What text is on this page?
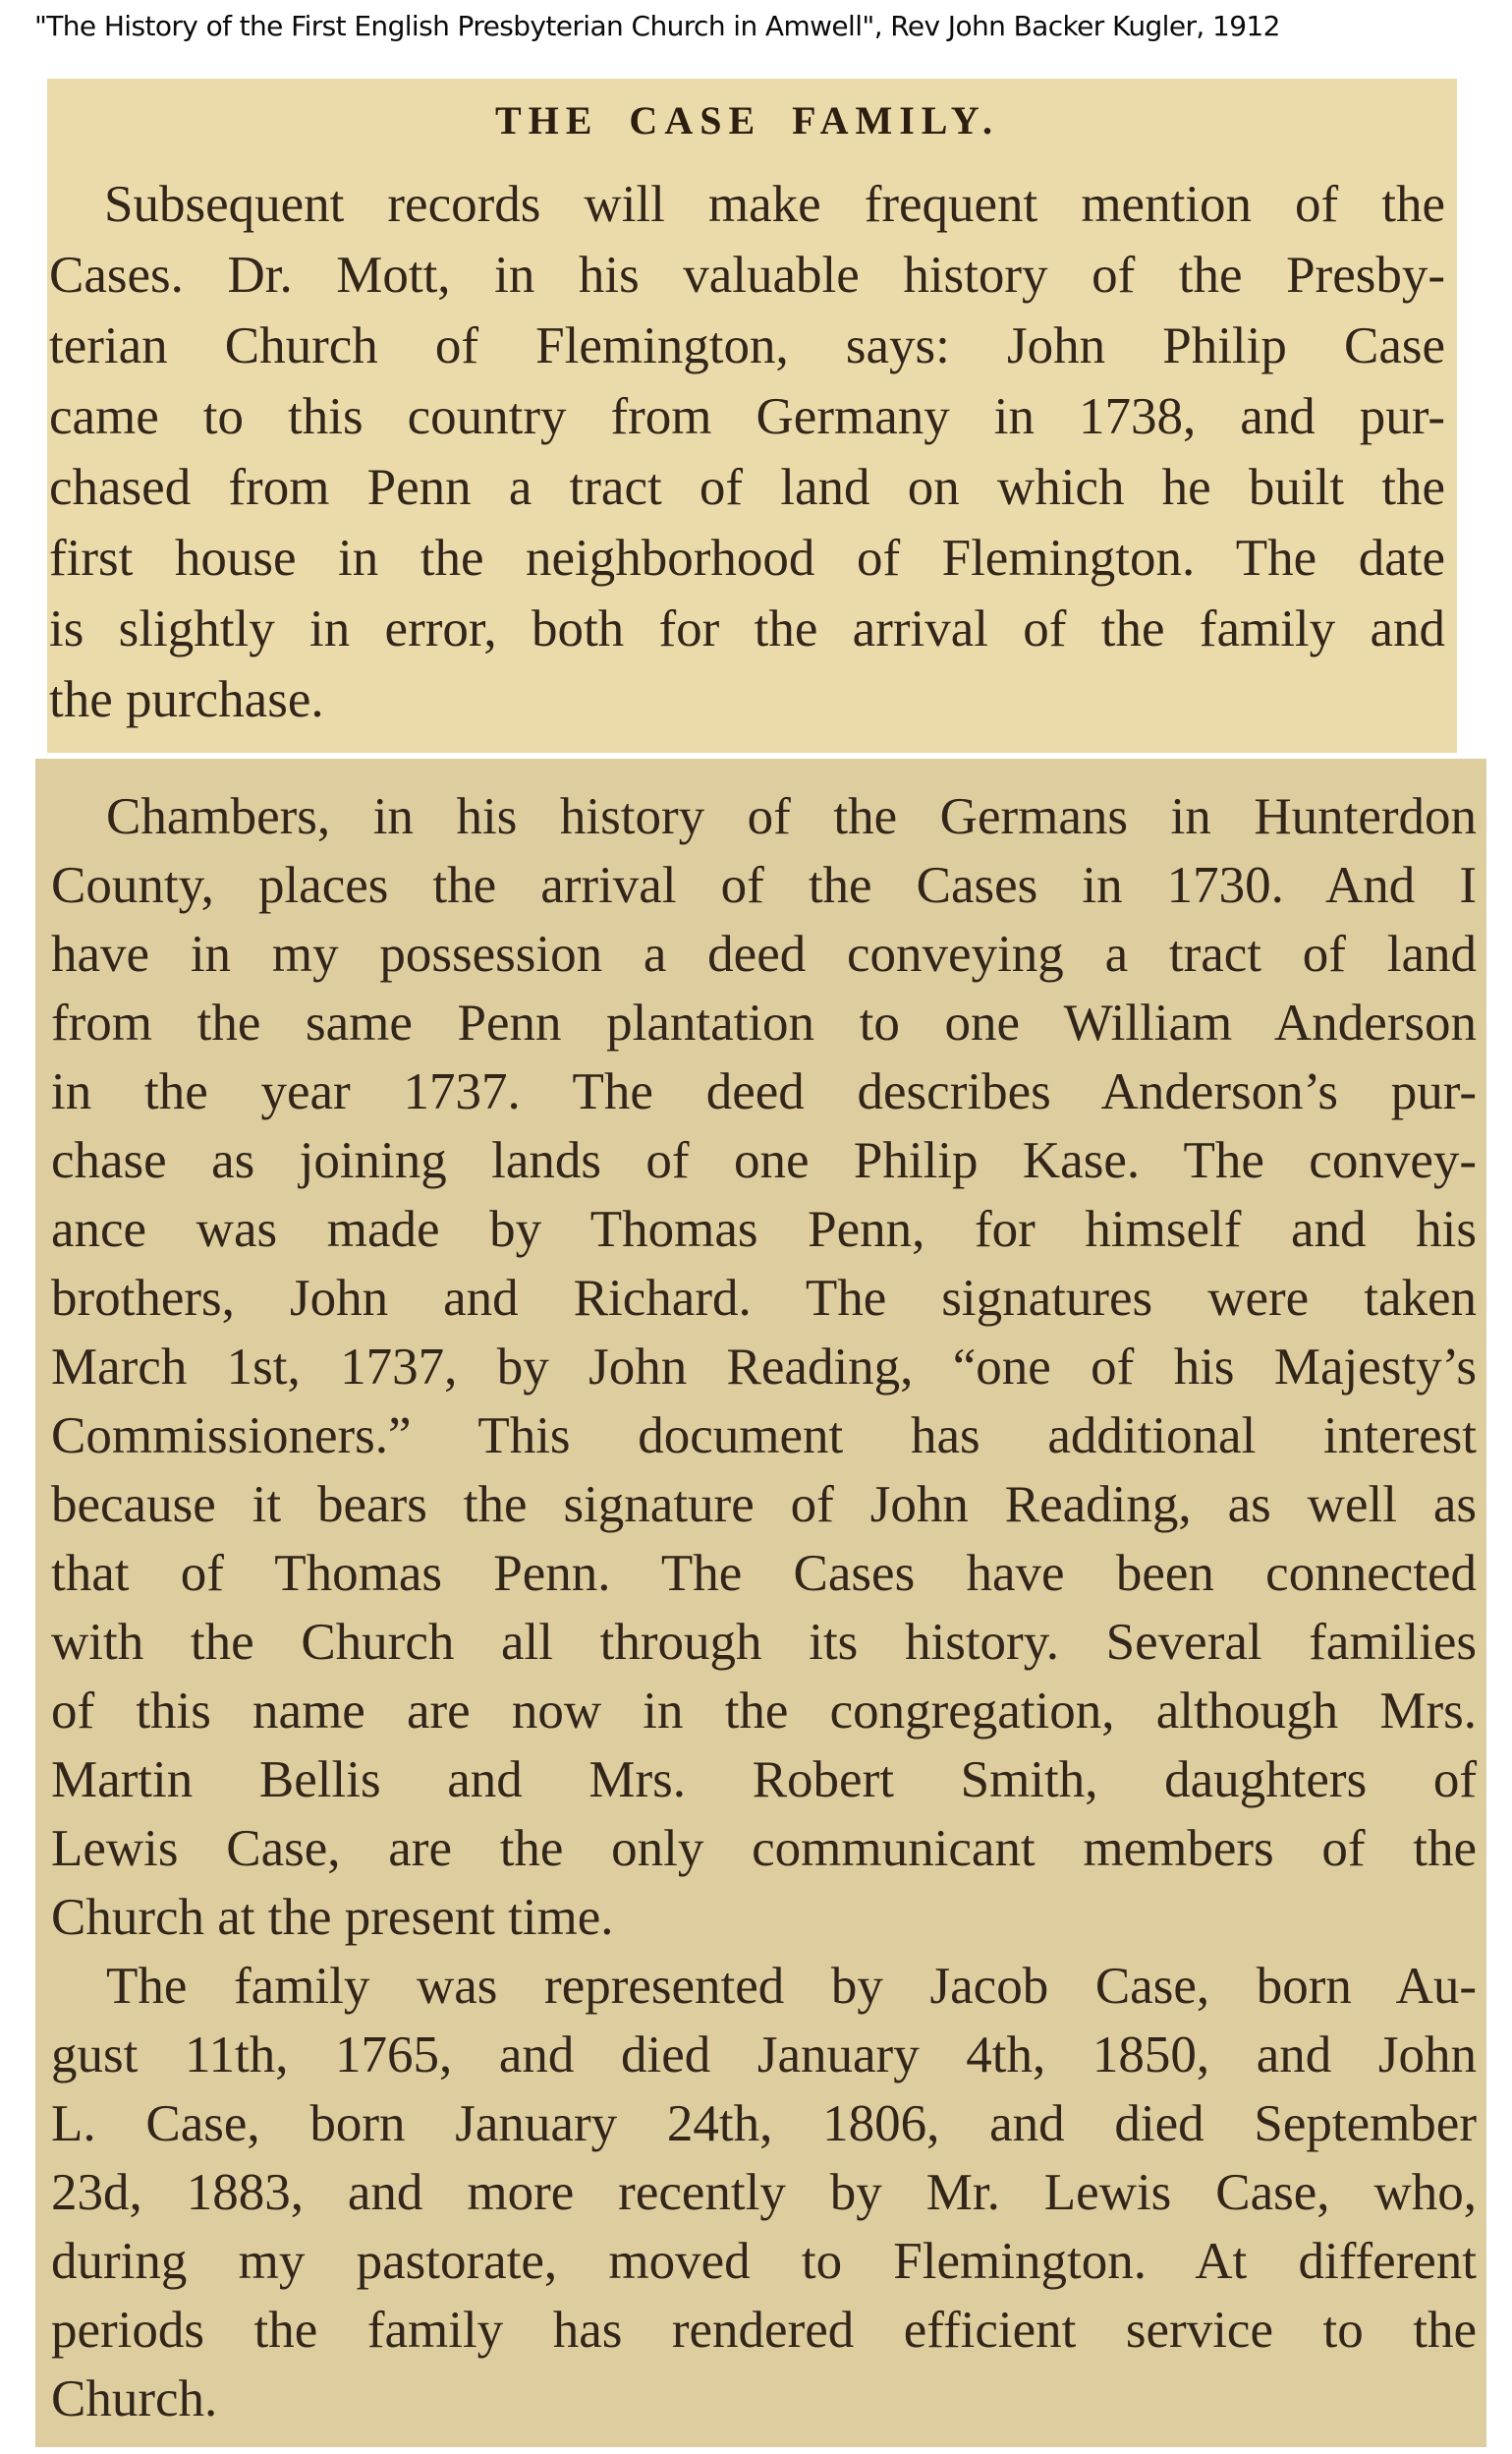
"The History of the First English Presbyterian Church in Amwell", Rev John Backer Kugler, 1912
THE CASE FAMILY.
Subsequent records will make frequent mention of the
Cases. Dr. Mott, in his valuable history of the Presby-
terian Church of Flemington, says: John Philip Case
came to this country from Germany in 1738, and pur-
chased from Penn a tract of land on which he built the
first house in the neighborhood of Flemington. The date
is slightly in error, both for the arrival of the family and
the purchase.
Chambers, in his history of the Germans in Hunterdon
County, places the arrival of the Cases in 1730. And I
have in my possession a deed conveying a tract of land
from the same Penn plantation to one William Anderson
in the year 1737. The deed describes Anderson’s pur-
chase as joining lands of one Philip Kase. The convey-
ance was made by Thomas Penn, for himself and his
brothers, John and Richard. The signatures were taken
March 1st, 1737, by John Reading, “one of his Majesty’s
Commissioners.” This document has additional interest
because it bears the signature of John Reading, as well as
that of Thomas Penn. The Cases have been connected
with the Church all through its history. Several families
of this name are now in the congregation, although Mrs.
Martin Bellis and Mrs. Robert Smith, daughters of
Lewis Case, are the only communicant members of the
Church at the present time.
The family was represented by Jacob Case, born Au-
gust 11th, 1765, and died January 4th, 1850, and John
L. Case, born January 24th, 1806, and died September
23d, 1883, and more recently by Mr. Lewis Case, who,
during my pastorate, moved to Flemington. At different
periods the family has rendered efficient service to the
Church.
